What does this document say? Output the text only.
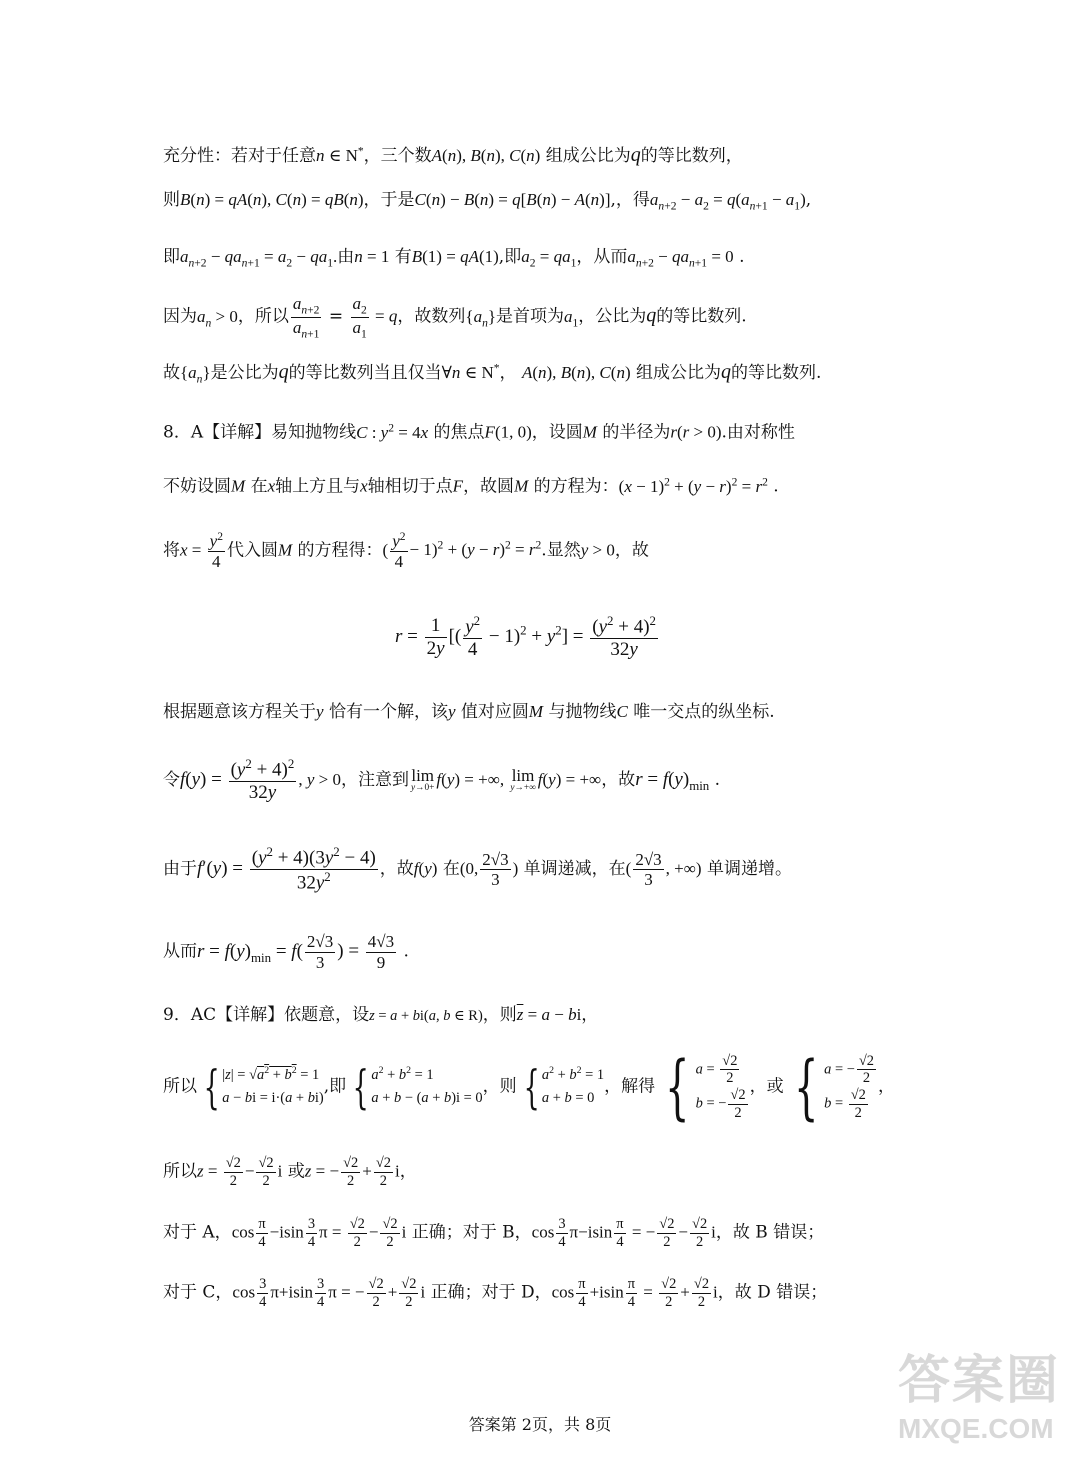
充分性：若对于任意n ∈ N*，三个数A(n), B(n), C(n) 组成公比为q的等比数列，
则B(n) = qA(n), C(n) = qB(n)，于是C(n) − B(n) = q[B(n) − A(n)],，得$a_{n+2} - a_2 = q(a_{n+1} - a_1)$,
即$a_{n+2} - qa_{n+1} = a_2 - qa_1$.由n = 1 有B(1) = qA(1),即$a_2 = qa_1$，从而$a_{n+2} - qa_{n+1} = 0$ .
因为$a_n > 0$，所以 $\frac{a_{n+2}}{a_{n+1}} = \frac{a_2}{a_1} = q$，故数列$\{a_n\}$是首项为$a_1$，公比为q的等比数列.
故$\{a_n\}$是公比为q的等比数列当且仅当∀n ∈ N*， A(n), B(n), C(n) 组成公比为q的等比数列.
8．A【详解】易知抛物线C : $y^2 = 4x$ 的焦点F(1, 0)，设圆M 的半径为r(r > 0).由对称性
不妨设圆M 在x轴上方且与x轴相切于点F，故圆M 的方程为：$(x - 1)^2 + (y - r)^2 = r^2$ .
将$x = \frac{y^2}{4}$ 代入圆M 的方程得：( $\frac{y^2}{4} - 1)^2 + (y - r)^2 = r^2$.显然y > 0，故
$r = \frac{1}{2y}$ [( $\frac{y^2}{4} - 1)^2 + y^2] = \frac{(y^2 + 4)^2}{32y}$
根据题意该方程关于y 恰有一个解，该y 值对应圆M 与抛物线C 唯一交点的纵坐标.
令$f(y) = \frac{(y^2 + 4)^2}{32y}$ , y > 0，注意到 lim
y→0+ f(y) = +∞, lim
y→+∞ f(y) = +∞，故$r = f(y)_{min}$ .
由于$f'(y) = \frac{(y^2 + 4)(3y^2 - 4)}{32y^2}$ ，故f(y) 在(0, $\frac{2√3}{3}$ ) 单调递减，在( $\frac{2√3}{3}$ , +∞) 单调递增。
从而$r = f(y)_{min} = f( \frac{2√3}{3}$ ) = $\frac{4√3}{9}$ .
9．AC【详解】依题意，设z = a + bi(a, b ∈ R)，则$\overline{z} = a$ − bi，
所以 { $|z| = √a^2 + b^2 = 1$
a − bi = i·(a + bi)
,即 { $a^2 + b^2 = 1$
a + b − (a + b)i = 0
，则 { $a^2 + b^2 = 1$
a + b = 0
，解得 { $a = \frac{√2}{2}$
b = − $\frac{√2}{2}$
，或 { a = − $\frac{√2}{2}$
$b = \frac{√2}{2}$
，
所以$z = \frac{√2}{2} - \frac{√2}{2}$ i 或z = − $\frac{√2}{2} + \frac{√2}{2}$ i，
对于 A，$\cos \frac{\pi}{4} -isin \frac{3}{4}$ $\pi = \frac{√2}{2} - \frac{√2}{2}$ i 正确；对于 B，$\cos \frac{3}{4} \pi-isin \frac{\pi}{4}$ = − $\frac{√2}{2} - \frac{√2}{2}$ i，故 B 错误；
对于 C，$\cos \frac{3}{4} \pi+isin \frac{3}{4}$ π = − $\frac{√2}{2} + \frac{√2}{2}$ i 正确；对于 D，$\cos \frac{\pi}{4} +isin \frac{\pi}{4} = \frac{√2}{2} + \frac{√2}{2}$ i，故 D 错误；
答案圈
MXQE.COM
答案第 2页，共 8页
